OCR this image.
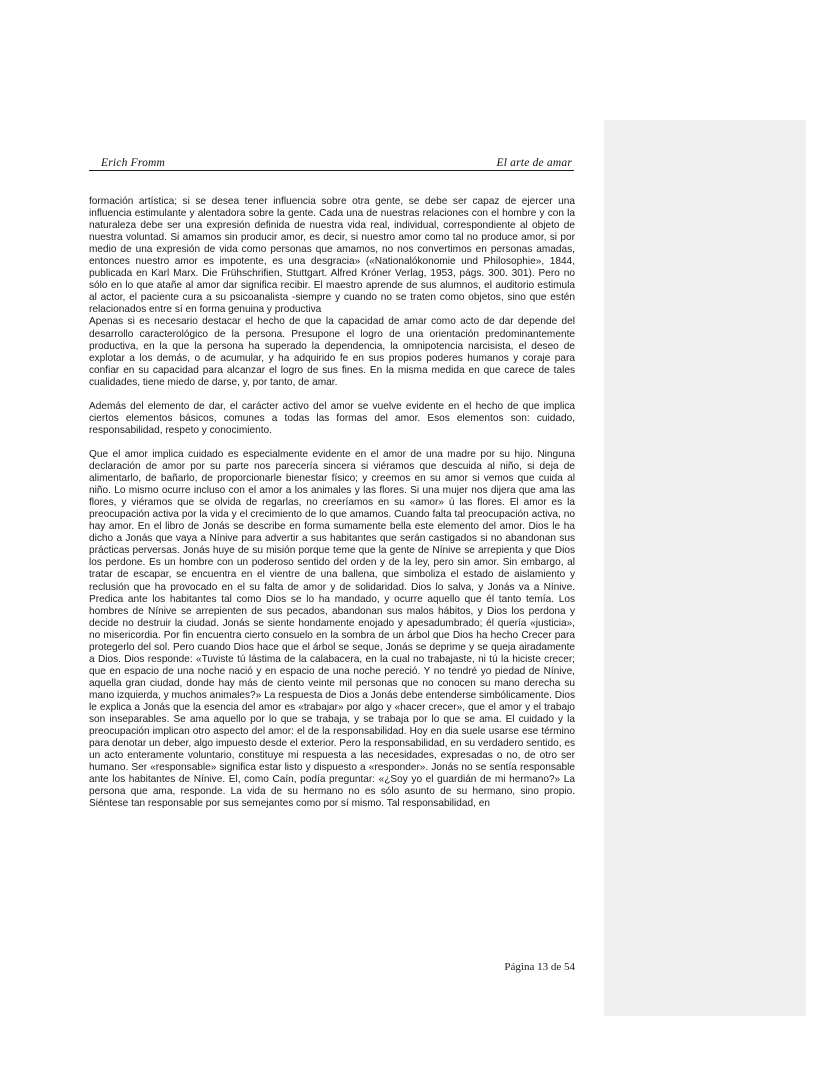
Erich Fromm	El arte de amar

formación artística; si se desea tener influencia sobre otra gente, se debe ser capaz de ejercer una influencia estimulante y alentadora sobre la gente. Cada una de nuestras relaciones con el hombre y con la naturaleza debe ser una expresión definida de nuestra vida real, individual, correspondiente al objeto de nuestra voluntad. Si amamos sin producir amor, es decir, si nuestro amor como tal no produce amor, si por medio de una expresión de vida como personas que amamos, no nos convertimos en personas amadas, entonces nuestro amor es impotente, es una desgracia» («Nationalókonomie und Philosophie», 1844, publicada en Karl Marx. Die Frühschrifien, Stuttgart. Alfred Króner Verlag, 1953, págs. 300. 301). Pero no sólo en lo que atañe al amor dar significa recibir. El maestro aprende de sus alumnos, el auditorio estimula al actor, el paciente cura a su psicoanalista -siempre y cuando no se traten como objetos, sino que estén relacionados entre sí en forma genuina y productiva

Apenas si es necesario destacar el hecho de que la capacidad de amar como acto de dar depende del desarrollo caracterológico de la persona. Presupone el logro de una orientación predominantemente productiva, en la que la persona ha superado la dependencia, la omnipotencia narcisista, el deseo de explotar a los demás, o de acumular, y ha adquirido fe en sus propios poderes humanos y coraje para confiar en su capacidad para alcanzar el logro de sus fines. En la misma medida en que carece de tales cualidades, tiene miedo de darse, y, por tanto, de amar.

Además del elemento de dar, el carácter activo del amor se vuelve evidente en el hecho de que implica ciertos elementos básicos, comunes a todas las formas del amor. Esos elementos son: cuidado, responsabilidad, respeto y conocimiento.

Que el amor implica cuidado es especialmente evidente en el amor de una madre por su hijo. Ninguna declaración de amor por su parte nos parecería sincera si viéramos que descuida al niño, si deja de alimentarlo, de bañarlo, de proporcionarle bienestar físico; y creemos en su amor si vemos que cuida al niño. Lo mismo ocurre incluso con el amor a los animales y las flores. Si una mujer nos dijera que ama las flores, y viéramos que se olvida de regarlas, no creeríamos en su «amor» ú las flores. El amor es la preocupación activa por la vida y el crecimiento de lo que amamos. Cuando falta tal preocupación activa, no hay amor. En el libro de Jonás se describe en forma sumamente bella este elemento del amor. Dios le ha dicho a Jonás que vaya a Nínive para advertir a sus habitantes que serán castigados si no abandonan sus prácticas perversas. Jonás huye de su misión porque teme que la gente de Nínive se arrepienta y que Dios los perdone. Es un hombre con un poderoso sentido del orden y de la ley, pero sin amor. Sin embargo, al tratar de escapar, se encuentra en el vientre de una ballena, que simboliza el estado de aislamiento y reclusión que ha provocado en el su falta de amor y de solidaridad. Dios lo salva, y Jonás va a Nínive. Predica ante los habitantes tal como Dios se lo ha mandado, y ocurre aquello que él tanto temía. Los hombres de Nínive se arrepienten de sus pecados, abandonan sus malos hábitos, y Dios los perdona y decide no destruir la ciudad. Jonás se siente hondamente enojado y apesadumbrado; él quería «justicia», no misericordia. Por fin encuentra cierto consuelo en la sombra de un árbol que Dios ha hecho Crecer para protegerlo del sol. Pero cuando Dios hace que el árbol se seque, Jonás se deprime y se queja airadamente a Dios. Dios responde: «Tuviste tú lástima de la calabacera, en la cual no trabajaste, ni tú la hiciste crecer; que en espacio de una noche nació y en espacio de una noche pereció. Y no tendré yo piedad de Nínive, aquella gran ciudad, donde hay más de ciento veinte mil personas que no conocen su mano derecha su mano izquierda, y muchos animales?» La respuesta de Dios a Jonás debe entenderse simbólicamente. Dios le explica a Jonás que la esencia del amor es «trabajar» por algo y «hacer crecer», que el amor y el trabajo son inseparables. Se ama aquello por lo que se trabaja, y se trabaja por lo que se ama. El cuidado y la preocupación implican otro aspecto del amor: el de la responsabilidad. Hoy en dia suele usarse ese término para denotar un deber, algo impuesto desde el exterior. Pero la responsabilidad, en su verdadero sentido, es un acto enteramente voluntario, constituye mi respuesta a las necesidades, expresadas o no, de otro ser humano. Ser «responsable» significa estar listo y dispuesto a «responder». Jonás no se sentía responsable ante los habitantes de Nínive. El, como Caín, podía preguntar: «¿Soy yo el guardián de mi hermano?» La persona que ama, responde. La vida de su hermano no es sólo asunto de su hermano, sino propio. Siéntese tan responsable por sus semejantes como por sí mismo. Tal responsabilidad, en

Página 13 de 54
